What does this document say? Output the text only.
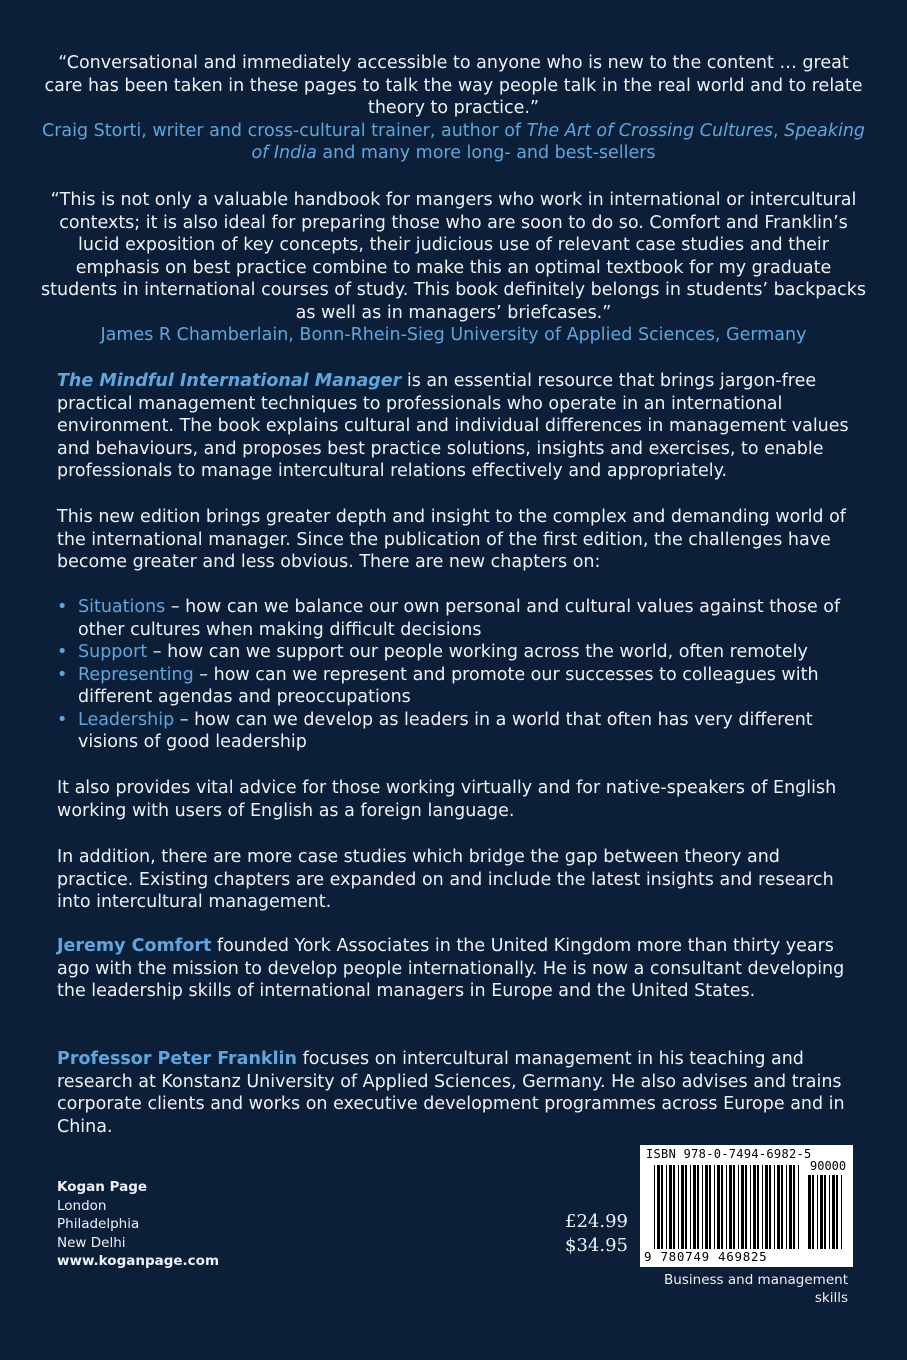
“Conversational and immediately accessible to anyone who is new to the content … great care has been taken in these pages to talk the way people talk in the real world and to relate theory to practice.”
Craig Storti, writer and cross-cultural trainer, author of The Art of Crossing Cultures, Speaking of India and many more long- and best-sellers
“This is not only a valuable handbook for mangers who work in international or intercultural contexts; it is also ideal for preparing those who are soon to do so. Comfort and Franklin’s lucid exposition of key concepts, their judicious use of relevant case studies and their emphasis on best practice combine to make this an optimal textbook for my graduate students in international courses of study. This book definitely belongs in students’ backpacks as well as in managers’ briefcases.”
James R Chamberlain, Bonn-Rhein-Sieg University of Applied Sciences, Germany

The Mindful International Manager is an essential resource that brings jargon-free practical management techniques to professionals who operate in an international environment. The book explains cultural and individual differences in management values and behaviours, and proposes best practice solutions, insights and exercises, to enable professionals to manage intercultural relations effectively and appropriately.

This new edition brings greater depth and insight to the complex and demanding world of the international manager. Since the publication of the first edition, the challenges have become greater and less obvious. There are new chapters on:

• Situations – how can we balance our own personal and cultural values against those of other cultures when making difficult decisions
• Support – how can we support our people working across the world, often remotely
• Representing – how can we represent and promote our successes to colleagues with different agendas and preoccupations
• Leadership – how can we develop as leaders in a world that often has very different visions of good leadership

It also provides vital advice for those working virtually and for native-speakers of English working with users of English as a foreign language.

In addition, there are more case studies which bridge the gap between theory and practice. Existing chapters are expanded on and include the latest insights and research into intercultural management.

Jeremy Comfort founded York Associates in the United Kingdom more than thirty years ago with the mission to develop people internationally. He is now a consultant developing the leadership skills of international managers in Europe and the United States.

Professor Peter Franklin focuses on intercultural management in his teaching and research at Konstanz University of Applied Sciences, Germany. He also advises and trains corporate clients and works on executive development programmes across Europe and in China.

Kogan Page
London
Philadelphia
New Delhi
www.koganpage.com
£24.99
$34.95
ISBN 978-0-7494-6982-5
90000
9 780749 469825
Business and management skills
